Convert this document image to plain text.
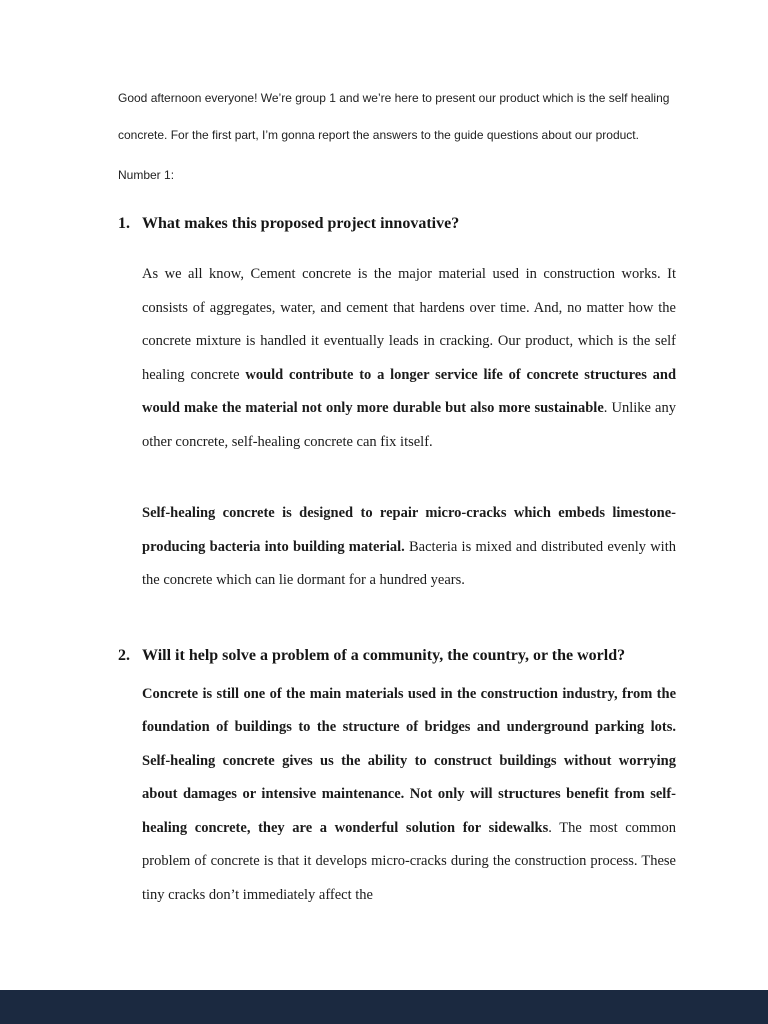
Good afternoon everyone! We’re group 1 and we’re here to present our product which is the self healing concrete. For the first part, I’m gonna report the answers to the guide questions about our product.

Number 1:

1. What makes this proposed project innovative?

As we all know, Cement concrete is the major material used in construction works. It consists of aggregates, water, and cement that hardens over time. And, no matter how the concrete mixture is handled it eventually leads in cracking. Our product, which is the self healing concrete would contribute to a longer service life of concrete structures and would make the material not only more durable but also more sustainable. Unlike any other concrete, self-healing concrete can fix itself.

Self-healing concrete is designed to repair micro-cracks which embeds limestone-producing bacteria into building material. Bacteria is mixed and distributed evenly with the concrete which can lie dormant for a hundred years.

2. Will it help solve a problem of a community, the country, or the world?

Concrete is still one of the main materials used in the construction industry, from the foundation of buildings to the structure of bridges and underground parking lots. Self-healing concrete gives us the ability to construct buildings without worrying about damages or intensive maintenance. Not only will structures benefit from self-healing concrete, they are a wonderful solution for sidewalks. The most common problem of concrete is that it develops micro-cracks during the construction process. These tiny cracks don’t immediately affect the
